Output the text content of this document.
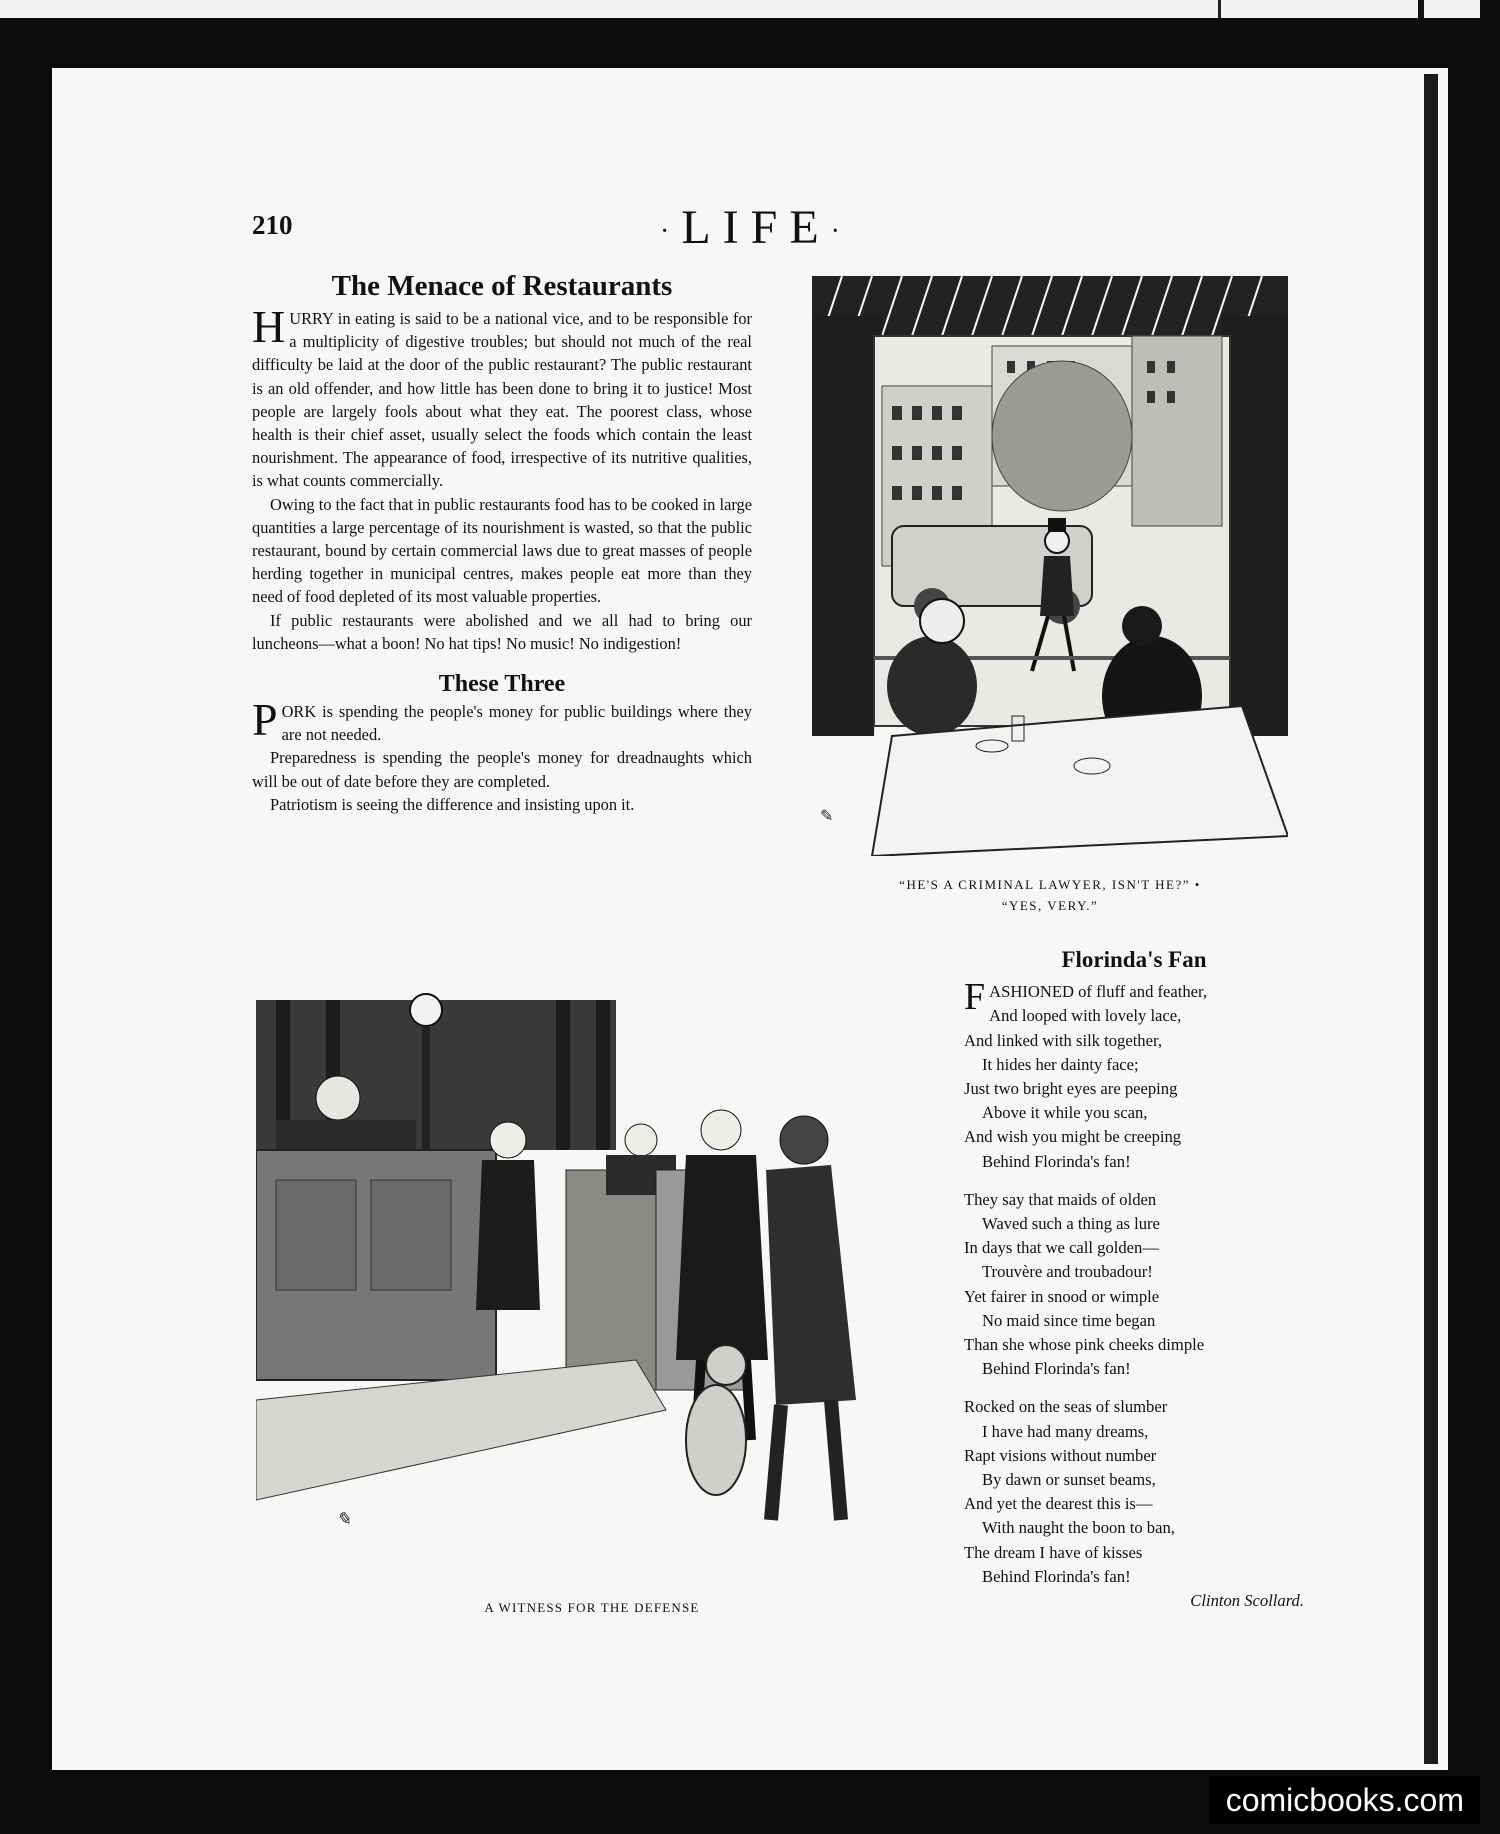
210	·LIFE·
The Menace of Restaurants

HURRY in eating is said to be a national vice, and to be responsible for a multiplicity of digestive troubles; but should not much of the real difficulty be laid at the door of the public restaurant? The public restaurant is an old offender, and how little has been done to bring it to justice! Most people are largely fools about what they eat. The poorest class, whose health is their chief asset, usually select the foods which contain the least nourishment. The appearance of food, irrespective of its nutritive qualities, is what counts commercially.

Owing to the fact that in public restaurants food has to be cooked in large quantities a large percentage of its nourishment is wasted, so that the public restaurant, bound by certain commercial laws due to great masses of people herding together in municipal centres, makes people eat more than they need of food depleted of its most valuable properties.

If public restaurants were abolished and we all had to bring our luncheons—what a boon! No hat tips! No music! No indigestion!

These Three

PORK is spending the people's money for public buildings where they are not needed.

Preparedness is spending the people's money for dreadnaughts which will be out of date before they are completed.

Patriotism is seeing the difference and insisting upon it.

✎
“HE'S A CRIMINAL LAWYER, ISN'T HE?” •
“YES, VERY.”
✎
A WITNESS FOR THE DEFENSE
Florinda's Fan
FASHIONED of fluff and feather,
And looped with lovely lace,
And linked with silk together,
It hides her dainty face;
Just two bright eyes are peeping
Above it while you scan,
And wish you might be creeping
Behind Florinda's fan!
They say that maids of olden
Waved such a thing as lure
In days that we call golden—
Trouvère and troubadour!
Yet fairer in snood or wimple
No maid since time began
Than she whose pink cheeks dimple
Behind Florinda's fan!
Rocked on the seas of slumber
I have had many dreams,
Rapt visions without number
By dawn or sunset beams,
And yet the dearest this is—
With naught the boon to ban,
The dream I have of kisses
Behind Florinda's fan!
Clinton Scollard.
comicbooks.com
